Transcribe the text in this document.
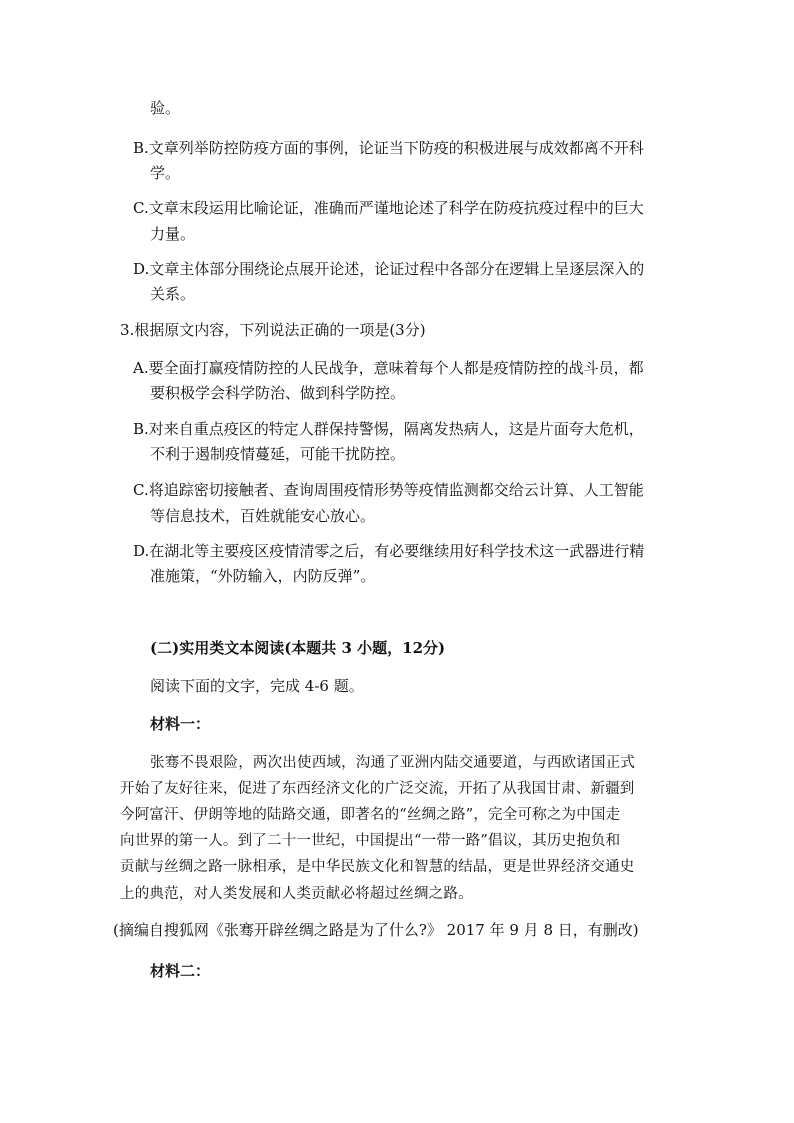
验。
B.文章列举防控防疫方面的事例，论证当下防疫的积极进展与成效都离不开科
学。
C.文章末段运用比喻论证，准确而严谨地论述了科学在防疫抗疫过程中的巨大
力量。
D.文章主体部分围绕论点展开论述，论证过程中各部分在逻辑上呈逐层深入的
关系。
3.根据原文内容，下列说法正确的一项是(3分)
A.要全面打赢疫情防控的人民战争，意味着每个人都是疫情防控的战斗员，都
要积极学会科学防治、做到科学防控。
B.对来自重点疫区的特定人群保持警惕，隔离发热病人，这是片面夸大危机，
不利于遏制疫情蔓延，可能干扰防控。
C.将追踪密切接触者、查询周围疫情形势等疫情监测都交给云计算、人工智能
等信息技术，百姓就能安心放心。
D.在湖北等主要疫区疫情清零之后，有必要继续用好科学技术这一武器进行精
准施策，“外防输入，内防反弹”。
(二)实用类文本阅读(本题共 3 小题，12分)
阅读下面的文字，完成 4-6 题。
材料一：
张骞不畏艰险，两次出使西域，沟通了亚洲内陆交通要道，与西欧诸国正式
开始了友好往来，促进了东西经济文化的广泛交流，开拓了从我国甘肃、新疆到
今阿富汗、伊朗等地的陆路交通，即著名的“丝绸之路”，完全可称之为中国走
向世界的第一人。到了二十一世纪，中国提出“一带一路”倡议，其历史抱负和
贡献与丝绸之路一脉相承，是中华民族文化和智慧的结晶，更是世界经济交通史
上的典范，对人类发展和人类贡献必将超过丝绸之路。
(摘编自搜狐网《张骞开辟丝绸之路是为了什么?》 2017 年 9 月 8 日，有删改)
材料二：
